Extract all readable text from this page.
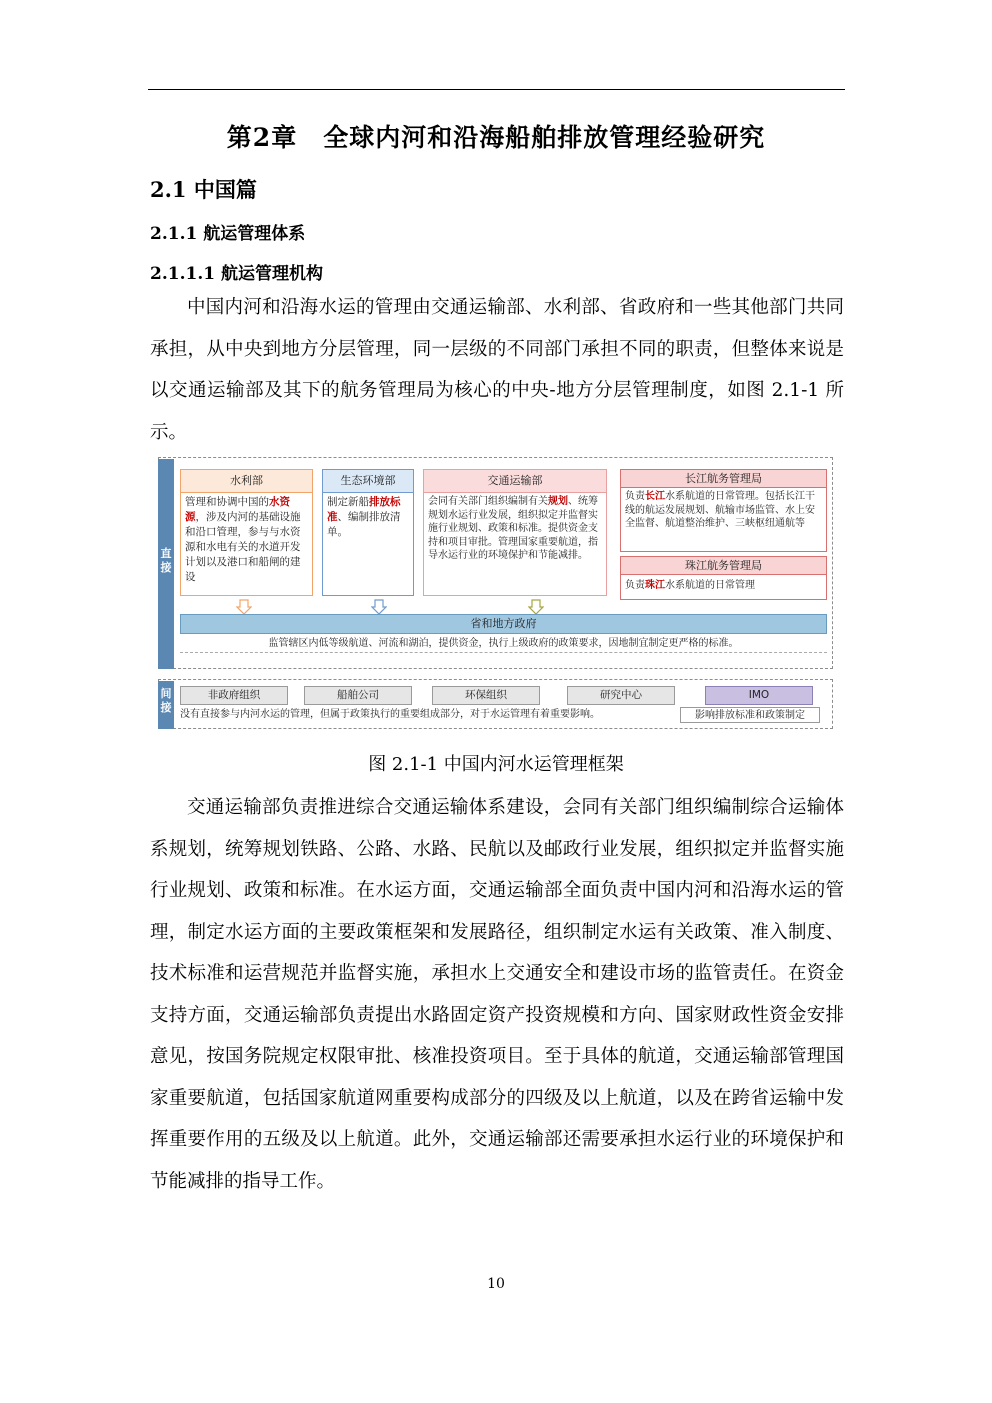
第2章　全球内河和沿海船舶排放管理经验研究
2.1 中国篇
2.1.1 航运管理体系
2.1.1.1 航运管理机构

中国内河和沿海水运的管理由交通运输部、水利部、省政府和一些其他部门共同承担，从中央到地方分层管理，同一层级的不同部门承担不同的职责，但整体来说是以交通运输部及其下的航务管理局为核心的中央-地方分层管理制度，如图 2.1-1 所示。

直接
间接
水利部
管理和协调中国的水资源，涉及内河的基础设施和沿口管理，参与与水资源和水电有关的水道开发计划以及港口和船闸的建设
生态环境部
制定新船排放标准、编制排放清单。
交通运输部
会同有关部门组织编制有关规划、统筹规划水运行业发展，组织拟定并监督实施行业规划、政策和标准。提供资金支持和项目审批。管理国家重要航道，指导水运行业的环境保护和节能减排。
长江航务管理局
负责长江水系航道的日常管理。包括长江干线的航运发展规划、航输市场监管、水上安全监督、航道整治维护、三峡枢纽通航等
珠江航务管理局
负责珠江水系航道的日常管理
省和地方政府
监管辖区内低等级航道、河流和湖泊，提供资金，执行上级政府的政策要求，因地制宜制定更严格的标准。
非政府组织	船舶公司	环保组织	研究中心	IMO
没有直接参与内河水运的管理，但属于政策执行的重要组成部分，对于水运管理有着重要影响。	影响排放标准和政策制定
图 2.1-1 中国内河水运管理框架

交通运输部负责推进综合交通运输体系建设，会同有关部门组织编制综合运输体系规划，统筹规划铁路、公路、水路、民航以及邮政行业发展，组织拟定并监督实施行业规划、政策和标准。在水运方面，交通运输部全面负责中国内河和沿海水运的管理，制定水运方面的主要政策框架和发展路径，组织制定水运有关政策、准入制度、技术标准和运营规范并监督实施，承担水上交通安全和建设市场的监管责任。在资金支持方面，交通运输部负责提出水路固定资产投资规模和方向、国家财政性资金安排意见，按国务院规定权限审批、核准投资项目。至于具体的航道，交通运输部管理国家重要航道，包括国家航道网重要构成部分的四级及以上航道，以及在跨省运输中发挥重要作用的五级及以上航道。此外，交通运输部还需要承担水运行业的环境保护和节能减排的指导工作。

10
